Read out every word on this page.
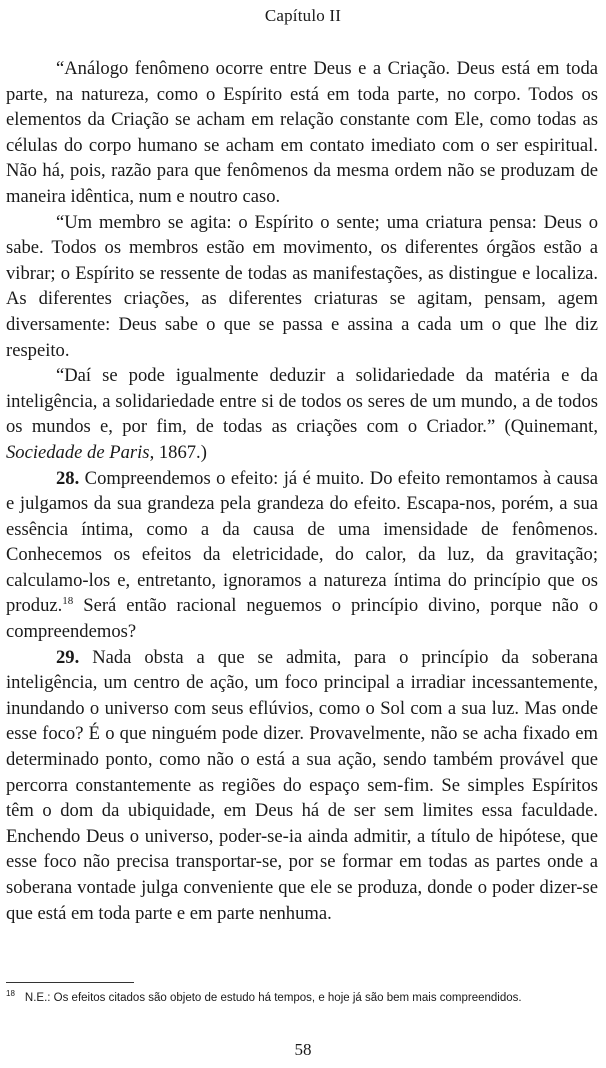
Capítulo II

“Análogo fenômeno ocorre entre Deus e a Criação. Deus está em toda parte, na natureza, como o Espírito está em toda parte, no corpo. Todos os elementos da Criação se acham em relação constante com Ele, como todas as células do corpo humano se acham em contato imediato com o ser espiritual. Não há, pois, razão para que fenômenos da mesma ordem não se produzam de maneira idêntica, num e noutro caso.

“Um membro se agita: o Espírito o sente; uma criatura pensa: Deus o sabe. Todos os membros estão em movimento, os diferentes órgãos estão a vibrar; o Espírito se ressente de todas as manifestações, as distingue e localiza. As diferentes criações, as diferentes criaturas se agitam, pensam, agem diversamente: Deus sabe o que se passa e assina a cada um o que lhe diz respeito.

“Daí se pode igualmente deduzir a solidariedade da matéria e da inteligência, a solidariedade entre si de todos os seres de um mundo, a de todos os mundos e, por fim, de todas as criações com o Criador.” (Quinemant, Sociedade de Paris, 1867.)

28. Compreendemos o efeito: já é muito. Do efeito remontamos à causa e julgamos da sua grandeza pela grandeza do efeito. Escapa-nos, porém, a sua essência íntima, como a da causa de uma imensidade de fenômenos. Conhecemos os efeitos da eletricidade, do calor, da luz, da gravitação; calculamo-los e, entretanto, ignoramos a natureza íntima do princípio que os produz.$^{18}$ Será então racional neguemos o princípio divino, porque não o compreendemos?

29. Nada obsta a que se admita, para o princípio da soberana inteligência, um centro de ação, um foco principal a irradiar incessantemente, inundando o universo com seus eflúvios, como o Sol com a sua luz. Mas onde esse foco? É o que ninguém pode dizer. Provavelmente, não se acha fixado em determinado ponto, como não o está a sua ação, sendo também provável que percorra constantemente as regiões do espaço sem-fim. Se simples Espíritos têm o dom da ubiquidade, em Deus há de ser sem limites essa faculdade. Enchendo Deus o universo, poder-se-ia ainda admitir, a título de hipótese, que esse foco não precisa transportar-se, por se formar em todas as partes onde a soberana vontade julga conveniente que ele se produza, donde o poder dizer-se que está em toda parte e em parte nenhuma.

$^{18}$ N.E.: Os efeitos citados são objeto de estudo há tempos, e hoje já são bem mais compreendidos.
58
